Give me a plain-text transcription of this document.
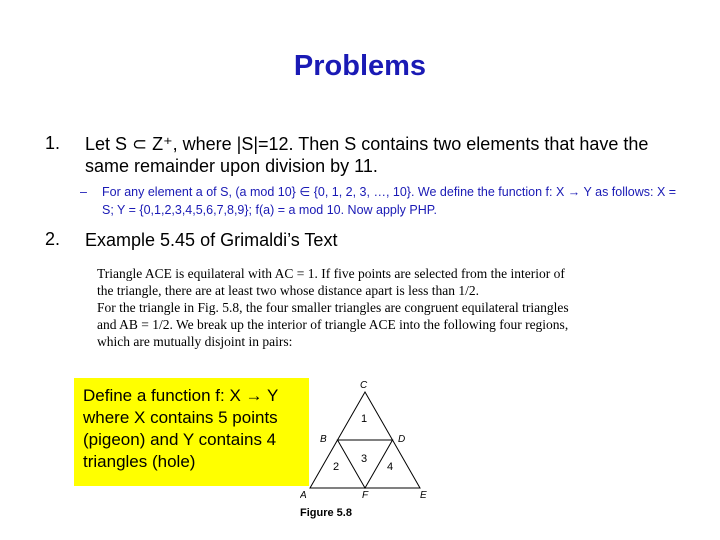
Problems
1. Let S ⊂ Z⁺, where |S|=12. Then S contains two elements that have the same remainder upon division by 11.
– For any element a of S, (a mod 10} ∈ {0, 1, 2, 3, …, 10}. We define the function f: X → Y as follows: X = S; Y = {0,1,2,3,4,5,6,7,8,9}; f(a) = a mod 10. Now apply PHP.
2. Example 5.45 of Grimaldi’s Text
Triangle ACE is equilateral with AC = 1. If five points are selected from the interior of
the triangle, there are at least two whose distance apart is less than 1/2.
For the triangle in Fig. 5.8, the four smaller triangles are congruent equilateral triangles
and AB = 1/2. We break up the interior of triangle ACE into the following four regions,
which are mutually disjoint in pairs:
Define a function f: X → Y where X contains 5 points (pigeon) and Y contains 4 triangles (hole)
C
B	D
A	F	E
1
2
3
4
Figure 5.8
